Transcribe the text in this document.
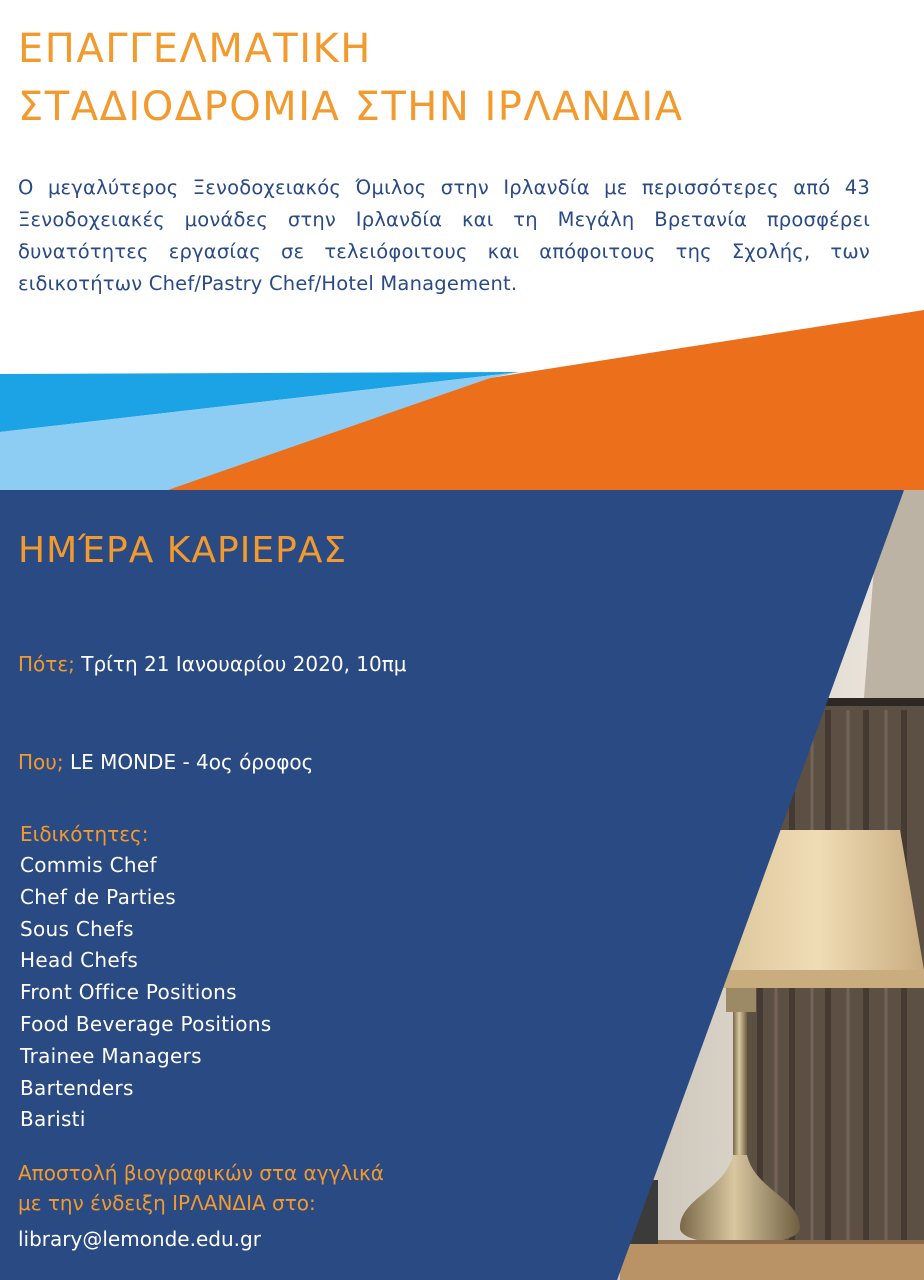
ΕΠΑΓΓΕΛΜΑΤΙΚΗ
ΣΤΑΔΙΟΔΡΟΜΙΑ ΣΤΗΝ ΙΡΛΑΝΔΙΑ

Ο μεγαλύτερος Ξενοδοχειακός Όμιλος στην Ιρλανδία με περισσότερες από 43 Ξενοδοχειακές μονάδες στην Ιρλανδία και τη Μεγάλη Βρετανία προσφέρει δυνατότητες εργασίας σε τελειόφοιτους και απόφοιτους της Σχολής, των ειδικοτήτων Chef/Pastry Chef/Hotel Management.

ΗΜΈΡΑ ΚΑΡΙΕΡΑΣ

Πότε; Τρίτη 21 Ιανουαρίου 2020, 10πμ

Που; LE MONDE - 4ος όροφος

Ειδικότητες:
Commis Chef
Chef de Parties
Sous Chefs
Head Chefs
Front Office Positions
Food Beverage Positions
Trainee Managers
Bartenders
Baristi
Αποστολή βιογραφικών στα αγγλικά
με την ένδειξη ΙΡΛΑΝΔΙΑ στο:
library@lemonde.edu.gr
